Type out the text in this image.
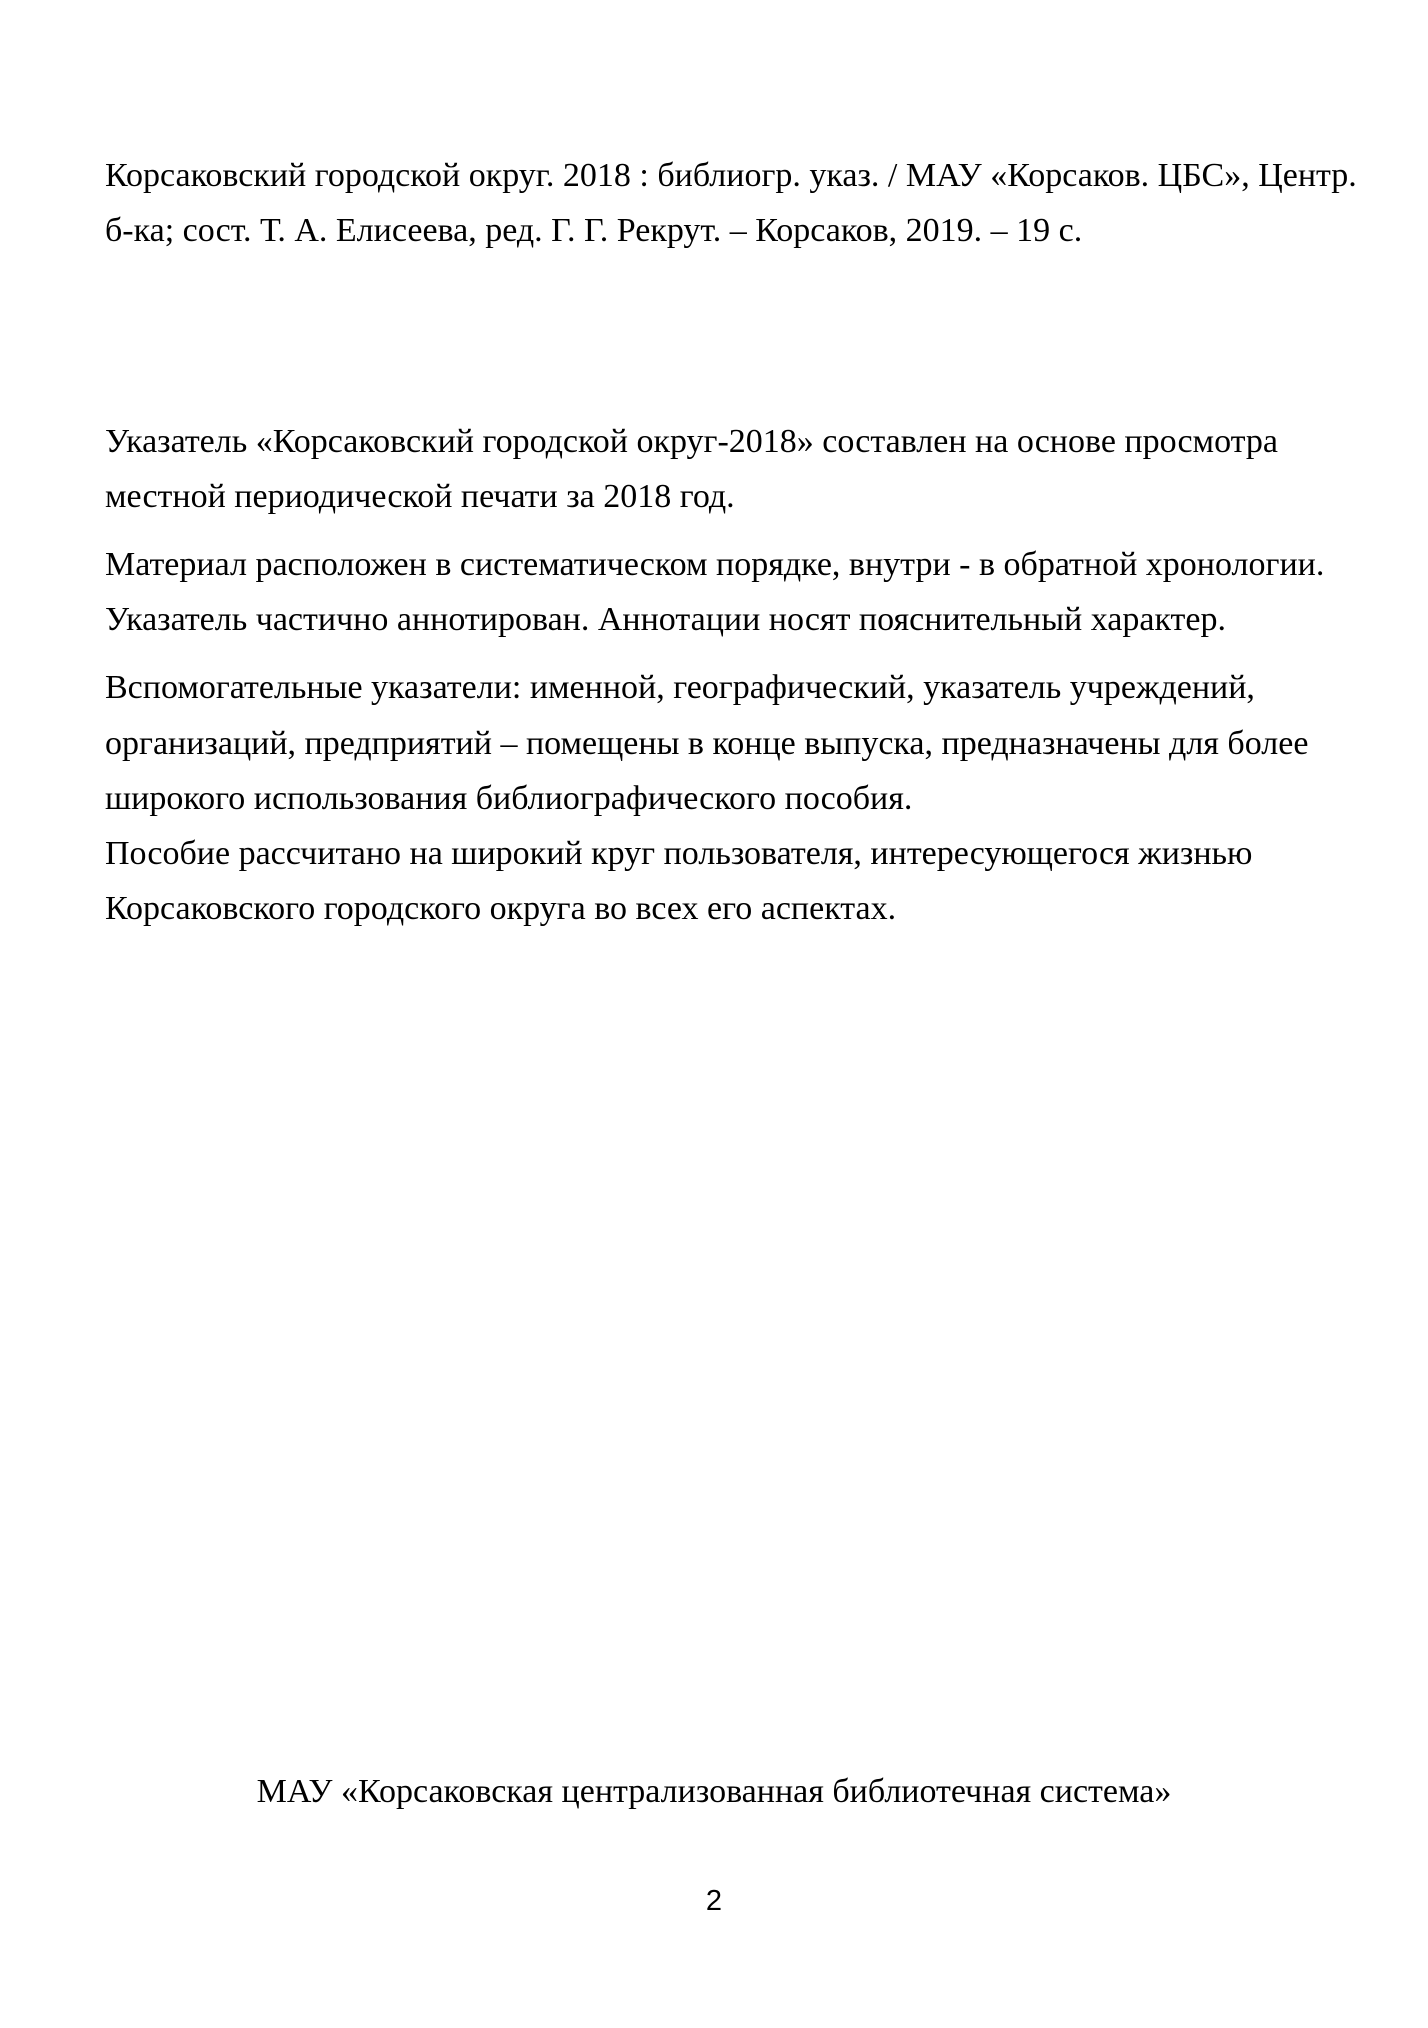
Корсаковский городской округ. 2018 : библиогр. указ. / МАУ «Корсаков. ЦБС», Центр. б-ка; сост. Т. А. Елисеева, ред. Г. Г. Рекрут. – Корсаков, 2019. – 19 с.

Указатель «Корсаковский городской округ-2018» составлен на основе просмотра местной периодической печати за 2018 год.

Материал расположен в систематическом порядке, внутри - в обратной хронологии. Указатель частично аннотирован. Аннотации носят пояснительный характер.

Вспомогательные указатели: именной, географический, указатель учреждений, организаций, предприятий – помещены в конце выпуска, предназначены для более широкого использования библиографического пособия.

Пособие рассчитано на широкий круг пользователя, интересующегося жизнью Корсаковского городского округа во всех его аспектах.

МАУ «Корсаковская централизованная библиотечная система»
2
